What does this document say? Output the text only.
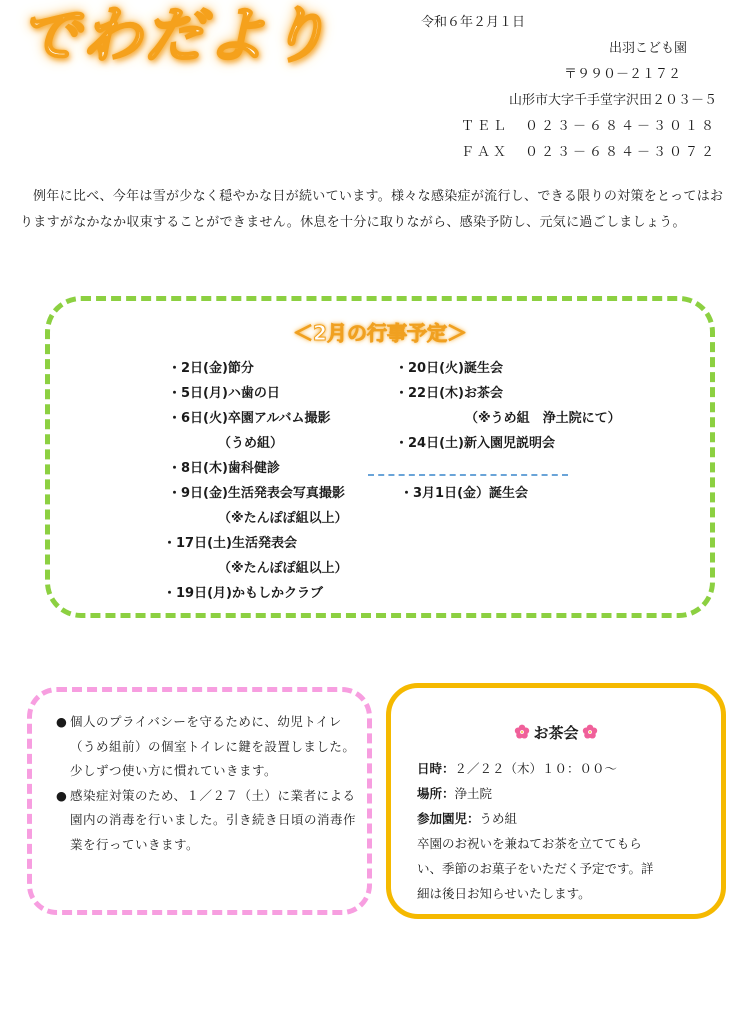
でわだより	令和６年２月１日
出羽こども園
〒９９０－２１７２
山形市大字千手堂字沢田２０３－５
ＴＥＬ　０２３－６８４－３０１８
ＦＡＸ　０２３－６８４－３０７２

例年に比べ、今年は雪が少なく穏やかな日が続いています。様々な感染症が流行し、できる限りの対策をとってはおりますがなかなか収束することができません。休息を十分に取りながら、感染予防し、元気に過ごしましょう。

＜2月の行事予定＞
・2日(金)節分
・5日(月)ハ歯の日
・6日(火)卒園アルバム撮影
（うめ組）
・8日(木)歯科健診
・9日(金)生活発表会写真撮影
（※たんぽぽ組以上）
・17日(土)生活発表会
（※たんぽぽ組以上）
・19日(月)かもしかクラブ
・20日(火)誕生会
・22日(木)お茶会
（※うめ組　浄土院にて）
・24日(土)新入園児説明会
・3月1日(金）誕生会
● 個人のプライバシーを守るために、幼児トイレ（うめ組前）の個室トイレに鍵を設置しました。少しずつ使い方に慣れていきます。
● 感染症対策のため、１／２７（土）に業者による園内の消毒を行いました。引き続き日頃の消毒作業を行っていきます。
お茶会
日時：２／２２（木）１０：００～
場所：浄土院
参加園児：うめ組
卒園のお祝いを兼ねてお茶を立ててもら
い、季節のお菓子をいただく予定です。詳
細は後日お知らせいたします。
